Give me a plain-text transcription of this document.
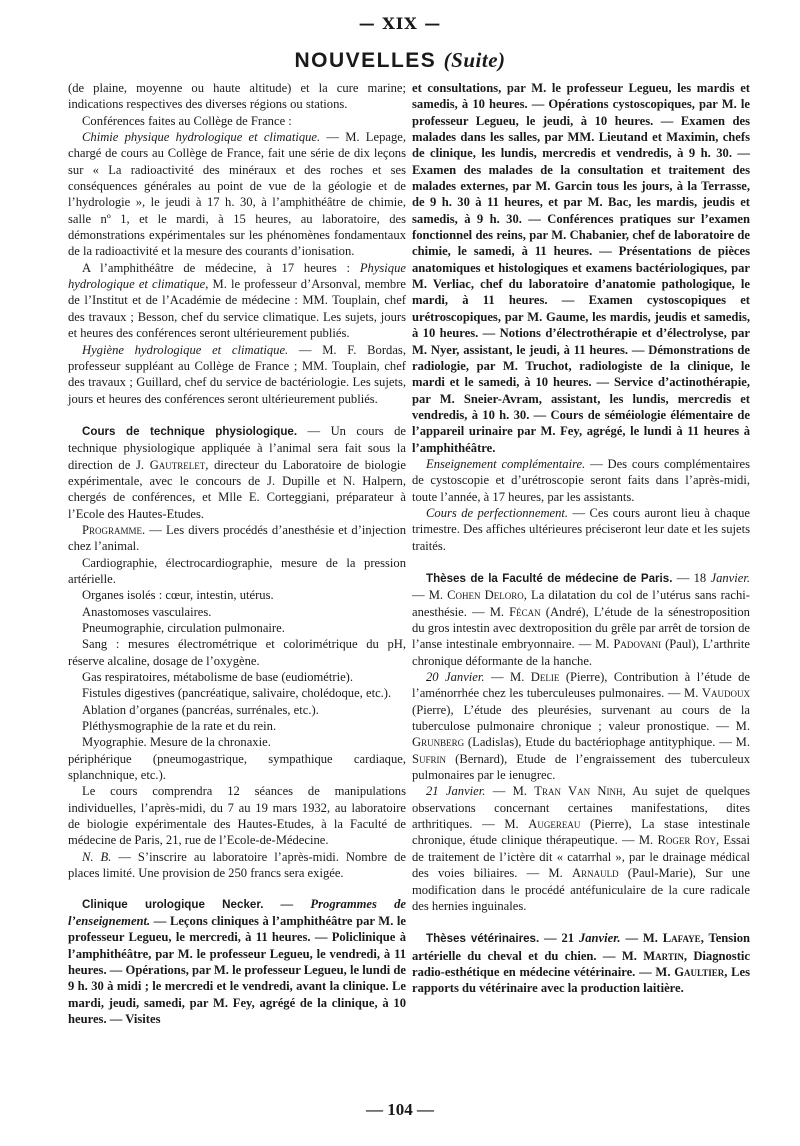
— XIX —
NOUVELLES (Suite)

(de plaine, moyenne ou haute altitude) et la cure marine; indications respectives des diverses régions ou stations.

Conférences faites au Collège de France :

Chimie physique hydrologique et climatique. — M. Lepage, chargé de cours au Collège de France, fait une série de dix leçons sur « La radioactivité des minéraux et des roches et ses conséquences générales au point de vue de la géologie et de l’hydrologie », le jeudi à 17 h. 30, à l’amphithéâtre de chimie, salle nº 1, et le mardi, à 15 heures, au laboratoire, des démonstrations expérimentales sur les phénomènes fondamentaux de la radioactivité et la mesure des courants d’ionisation.

A l’amphithéâtre de médecine, à 17 heures : Physique hydrologique et climatique, M. le professeur d’Arsonval, membre de l’Institut et de l’Académie de médecine : MM. Touplain, chef des travaux ; Besson, chef du service climatique. Les sujets, jours et heures des conférences seront ultérieurement publiés.

Hygiène hydrologique et climatique. — M. F. Bordas, professeur suppléant au Collège de France ; MM. Touplain, chef des travaux ; Guillard, chef du service de bactériologie. Les sujets, jours et heures des conférences seront ultérieurement publiés.

Cours de technique physiologique. — Un cours de technique physiologique appliquée à l’animal sera fait sous la direction de J. Gautrelet, directeur du Laboratoire de biologie expérimentale, avec le concours de J. Dupille et N. Halpern, chergés de conférences, et Mlle E. Corteggiani, préparateur à l’Ecole des Hautes-Etudes.

Programme. — Les divers procédés d’anesthésie et d’injection chez l’animal.

Cardiographie, électrocardiographie, mesure de la pression artérielle.

Organes isolés : cœur, intestin, utérus.

Anastomoses vasculaires.

Pneumographie, circulation pulmonaire.

Sang : mesures électrométrique et colorimétrique du pH, réserve alcaline, dosage de l’oxygène.

Gas respiratoires, métabolisme de base (eudiométrie).

Fistules digestives (pancréatique, salivaire, cholédoque, etc.).

Ablation d’organes (pancréas, surrénales, etc.).

Pléthysmographie de la rate et du rein.

Myographie. Mesure de la chronaxie.

périphérique (pneumogastrique, sympathique cardiaque, splanchnique, etc.).

Le cours comprendra 12 séances de manipulations individuelles, l’après-midi, du 7 au 19 mars 1932, au laboratoire de biologie expérimentale des Hautes-Etudes, à la Faculté de médecine de Paris, 21, rue de l’Ecole-de-Médecine.

N. B. — S’inscrire au laboratoire l’après-midi. Nombre de places limité. Une provision de 250 francs sera exigée.

Clinique urologique Necker. — Programmes de l’enseignement. — Leçons cliniques à l’amphithéâtre par M. le professeur Legueu, le mercredi, à 11 heures. — Policlinique à l’amphithéâtre, par M. le professeur Legueu, le vendredi, à 11 heures. — Opérations, par M. le professeur Legueu, le lundi de 9 h. 30 à midi ; le mercredi et le vendredi, avant la clinique. Le mardi, jeudi, samedi, par M. Fey, agrégé de la clinique, à 10 heures. — Visites

et consultations, par M. le professeur Legueu, les mardis et samedis, à 10 heures. — Opérations cystoscopiques, par M. le professeur Legueu, le jeudi, à 10 heures. — Examen des malades dans les salles, par MM. Lieutand et Maximin, chefs de clinique, les lundis, mercredis et vendredis, à 9 h. 30. — Examen des malades de la consultation et traitement des malades externes, par M. Garcin tous les jours, à la Terrasse, de 9 h. 30 à 11 heures, et par M. Bac, les mardis, jeudis et samedis, à 9 h. 30. — Conférences pratiques sur l’examen fonctionnel des reins, par M. Chabanier, chef de laboratoire de chimie, le samedi, à 11 heures. — Présentations de pièces anatomiques et histologiques et examens bactériologiques, par M. Verliac, chef du laboratoire d’anatomie pathologique, le mardi, à 11 heures. — Examen cystoscopiques et urétroscopiques, par M. Gaume, les mardis, jeudis et samedis, à 10 heures. — Notions d’électrothérapie et d’électrolyse, par M. Nyer, assistant, le jeudi, à 11 heures. — Démonstrations de radiologie, par M. Truchot, radiologiste de la clinique, le mardi et le samedi, à 10 heures. — Service d’actinothérapie, par M. Sneier-Avram, assistant, les lundis, mercredis et vendredis, à 10 h. 30. — Cours de séméiologie élémentaire de l’appareil urinaire par M. Fey, agrégé, le lundi à 11 heures à l’amphithéâtre.

Enseignement complémentaire. — Des cours complémentaires de cystoscopie et d’urétroscopie seront faits dans l’après-midi, toute l’année, à 17 heures, par les assistants.

Cours de perfectionnement. — Ces cours auront lieu à chaque trimestre. Des affiches ultérieures préciseront leur date et les sujets traités.

Thèses de la Faculté de médecine de Paris. — 18 Janvier. — M. Cohen Deloro, La dilatation du col de l’utérus sans rachi-anesthésie. — M. Fécan (André), L’étude de la sénestroposition du gros intestin avec dextroposition du grêle par arrêt de torsion de l’anse intestinale embryonnaire. — M. Padovani (Paul), L’arthrite chronique déformante de la hanche.

20 Janvier. — M. Delie (Pierre), Contribution à l’étude de l’aménorrhée chez les tuberculeuses pulmonaires. — M. Vaudoux (Pierre), L’étude des pleurésies, survenant au cours de la tuberculose pulmonaire chronique ; valeur pronostique. — M. Grunberg (Ladislas), Etude du bactériophage antityphique. — M. Sufrin (Bernard), Etude de l’engraissement des tuberculeux pulmonaires par le ienugrec.

21 Janvier. — M. Tran Van Ninh, Au sujet de quelques observations concernant certaines manifestations, dites arthritiques. — M. Augereau (Pierre), La stase intestinale chronique, étude clinique thérapeutique. — M. Roger Roy, Essai de traitement de l’ictère dit « catarrhal », par le drainage médical des voies biliaires. — M. Arnauld (Paul-Marie), Sur une modification dans le procédé antéfuniculaire de la cure radicale des hernies inguinales.

Thèses vétérinaires. — 21 Janvier. — M. Lafaye, Tension artérielle du cheval et du chien. — M. Martin, Diagnostic radio-esthétique en médecine vétérinaire. — M. Gaultier, Les rapports du vétérinaire avec la production laitière.

— 104 —
